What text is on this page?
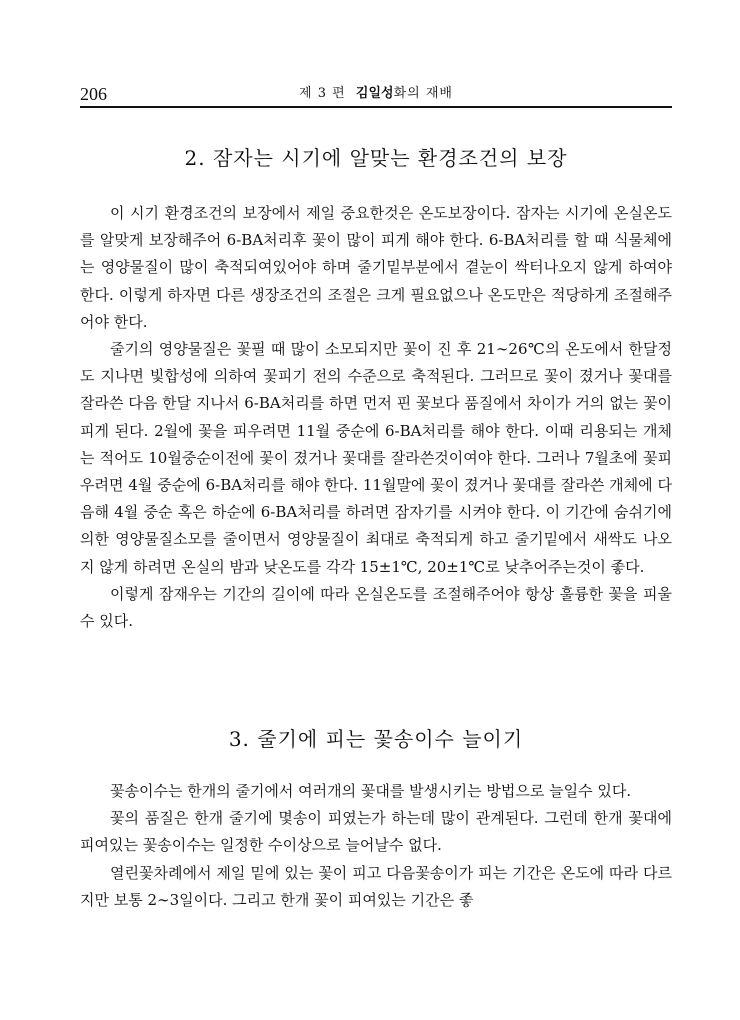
206	제 3 편 김일성화의 재배
2. 잠자는 시기에 알맞는 환경조건의 보장

이 시기 환경조건의 보장에서 제일 중요한것은 온도보장이다. 잠자는 시기에 온실온도를 알맞게 보장해주어 6-BA처리후 꽃이 많이 피게 해야 한다. 6-BA처리를 할 때 식물체에는 영양물질이 많이 축적되여있어야 하며 줄기밑부분에서 곁눈이 싹터나오지 않게 하여야 한다. 이렇게 하자면 다른 생장조건의 조절은 크게 필요없으나 온도만은 적당하게 조절해주어야 한다.

줄기의 영양물질은 꽃필 때 많이 소모되지만 꽃이 진 후 21∼26℃의 온도에서 한달정도 지나면 빛합성에 의하여 꽃피기 전의 수준으로 축적된다. 그러므로 꽃이 졌거나 꽃대를 잘라쓴 다음 한달 지나서 6-BA처리를 하면 먼저 핀 꽃보다 품질에서 차이가 거의 없는 꽃이 피게 된다. 2월에 꽃을 피우려면 11월 중순에 6-BA처리를 해야 한다. 이때 리용되는 개체는 적어도 10월중순이전에 꽃이 졌거나 꽃대를 잘라쓴것이여야 한다. 그러나 7월초에 꽃피우려면 4월 중순에 6-BA처리를 해야 한다. 11월말에 꽃이 졌거나 꽃대를 잘라쓴 개체에 다음해 4월 중순 혹은 하순에 6-BA처리를 하려면 잠자기를 시켜야 한다. 이 기간에 숨쉬기에 의한 영양물질소모를 줄이면서 영양물질이 최대로 축적되게 하고 줄기밑에서 새싹도 나오지 않게 하려면 온실의 밤과 낮온도를 각각 15±1℃, 20±1℃로 낮추어주는것이 좋다.

이렇게 잠재우는 기간의 길이에 따라 온실온도를 조절해주어야 항상 훌륭한 꽃을 피울수 있다.

3. 줄기에 피는 꽃송이수 늘이기

꽃송이수는 한개의 줄기에서 여러개의 꽃대를 발생시키는 방법으로 늘일수 있다.

꽃의 품질은 한개 줄기에 몇송이 피였는가 하는데 많이 관계된다. 그런데 한개 꽃대에 피여있는 꽃송이수는 일정한 수이상으로 늘어날수 없다.

열린꽃차례에서 제일 밑에 있는 꽃이 피고 다음꽃송이가 피는 기간은 온도에 따라 다르지만 보통 2∼3일이다. 그리고 한개 꽃이 피여있는 기간은 좋
